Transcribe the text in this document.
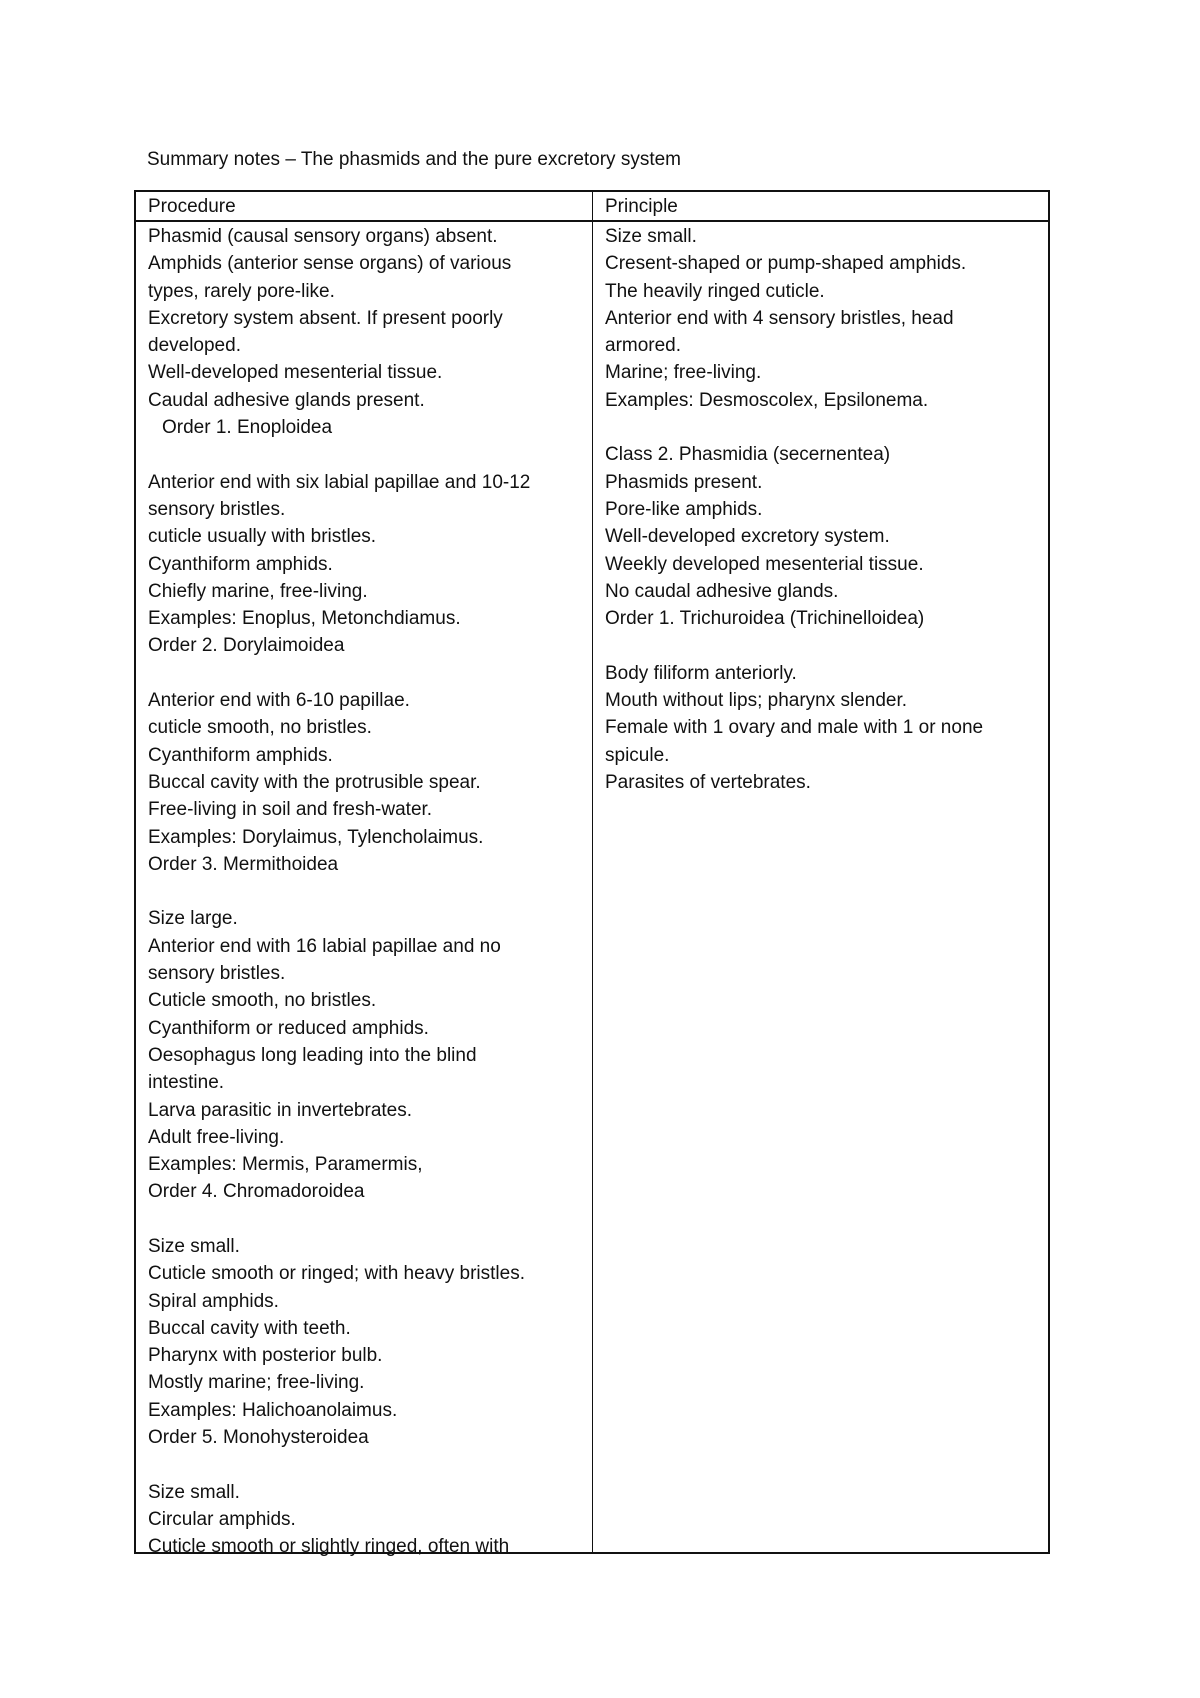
Summary notes – The phasmids and the pure excretory system
Procedure	Principle
Phasmid (causal sensory organs) absent.
Amphids (anterior sense organs) of various
types, rarely pore-like.
Excretory system absent. If present poorly
developed.
Well-developed mesenterial tissue.
Caudal adhesive glands present.
Order 1. Enoploidea
Anterior end with six labial papillae and 10-12
sensory bristles.
cuticle usually with bristles.
Cyanthiform amphids.
Chiefly marine, free-living.
Examples: Enoplus, Metonchdiamus.
Order 2. Dorylaimoidea
Anterior end with 6-10 papillae.
cuticle smooth, no bristles.
Cyanthiform amphids.
Buccal cavity with the protrusible spear.
Free-living in soil and fresh-water.
Examples: Dorylaimus, Tylencholaimus.
Order 3. Mermithoidea
Size large.
Anterior end with 16 labial papillae and no
sensory bristles.
Cuticle smooth, no bristles.
Cyanthiform or reduced amphids.
Oesophagus long leading into the blind
intestine.
Larva parasitic in invertebrates.
Adult free-living.
Examples: Mermis, Paramermis,
Order 4. Chromadoroidea
Size small.
Cuticle smooth or ringed; with heavy bristles.
Spiral amphids.
Buccal cavity with teeth.
Pharynx with posterior bulb.
Mostly marine; free-living.
Examples: Halichoanolaimus.
Order 5. Monohysteroidea
Size small.
Circular amphids.
Cuticle smooth or slightly ringed, often with
Size small.
Cresent-shaped or pump-shaped amphids.
The heavily ringed cuticle.
Anterior end with 4 sensory bristles, head
armored.
Marine; free-living.
Examples: Desmoscolex, Epsilonema.
Class 2. Phasmidia (secernentea)
Phasmids present.
Pore-like amphids.
Well-developed excretory system.
Weekly developed mesenterial tissue.
No caudal adhesive glands.
Order 1. Trichuroidea (Trichinelloidea)
Body filiform anteriorly.
Mouth without lips; pharynx slender.
Female with 1 ovary and male with 1 or none
spicule.
Parasites of vertebrates.
